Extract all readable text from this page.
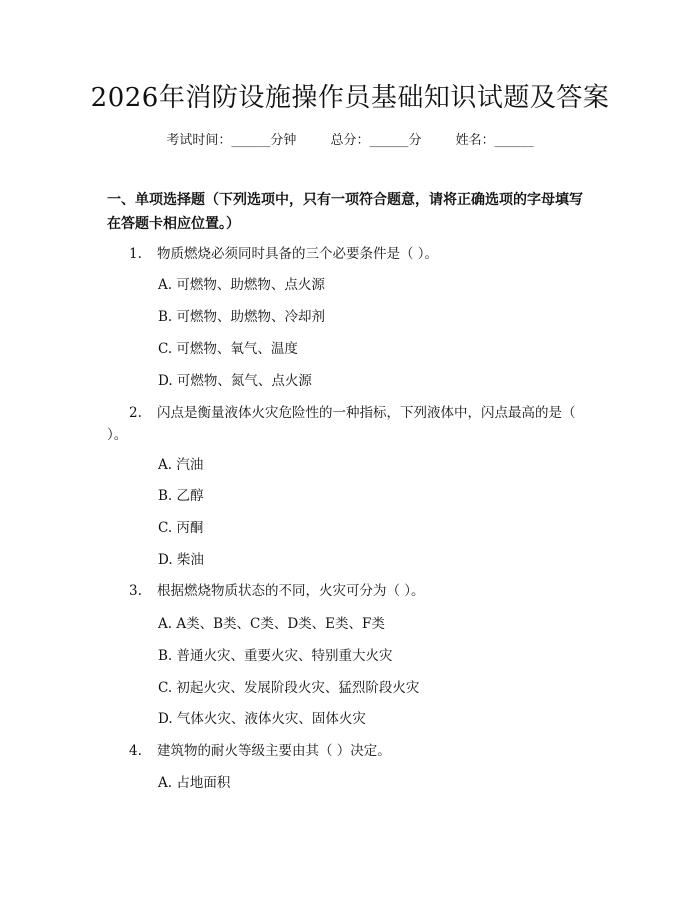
2026年消防设施操作员基础知识试题及答案
考试时间：______分钟	总分：______分	姓名：______
一、单项选择题（下列选项中，只有一项符合题意，请将正确选项的字母填写在答题卡相应位置。）
1. 物质燃烧必须同时具备的三个必要条件是（ ）。
A. 可燃物、助燃物、点火源
B. 可燃物、助燃物、冷却剂
C. 可燃物、氧气、温度
D. 可燃物、氮气、点火源
2. 闪点是衡量液体火灾危险性的一种指标，下列液体中，闪点最高的是（ ）。
A. 汽油
B. 乙醇
C. 丙酮
D. 柴油
3. 根据燃烧物质状态的不同，火灾可分为（ ）。
A. A类、B类、C类、D类、E类、F类
B. 普通火灾、重要火灾、特别重大火灾
C. 初起火灾、发展阶段火灾、猛烈阶段火灾
D. 气体火灾、液体火灾、固体火灾
4. 建筑物的耐火等级主要由其（ ）决定。
A. 占地面积
